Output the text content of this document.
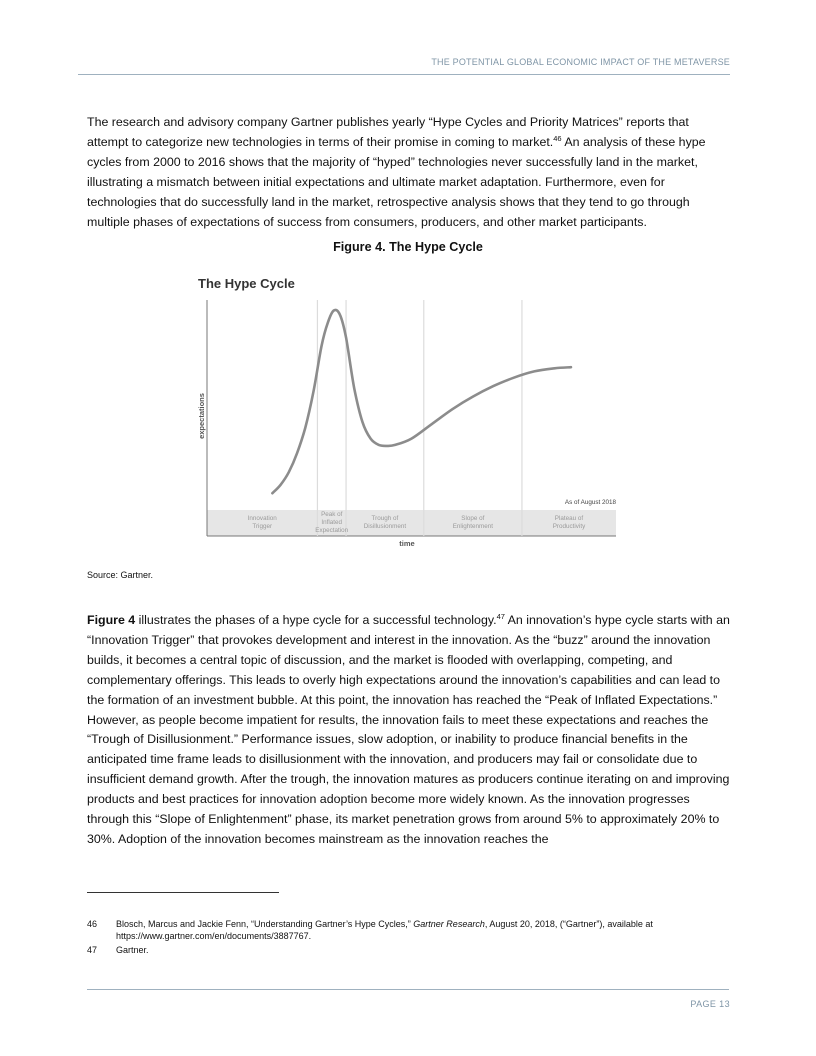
THE POTENTIAL GLOBAL ECONOMIC IMPACT OF THE METAVERSE

The research and advisory company Gartner publishes yearly “Hype Cycles and Priority Matrices” reports that attempt to categorize new technologies in terms of their promise in coming to market.$^{46}$ An analysis of these hype cycles from 2000 to 2016 shows that the majority of “hyped” technologies never successfully land in the market, illustrating a mismatch between initial expectations and ultimate market adaptation. Furthermore, even for technologies that do successfully land in the market, retrospective analysis shows that they tend to go through multiple phases of expectations of success from consumers, producers, and other market participants.

Figure 4. The Hype Cycle
The Hype Cycle
expectations
Innovation Trigger
Peak of Inflated Expectation
Trough of Disillusionment
Slope of Enlightenment
Plateau of Productivity
As of August 2018
time
Source: Gartner.

Figure 4 illustrates the phases of a hype cycle for a successful technology.$^{47}$ An innovation’s hype cycle starts with an “Innovation Trigger” that provokes development and interest in the innovation. As the “buzz” around the innovation builds, it becomes a central topic of discussion, and the market is flooded with overlapping, competing, and complementary offerings. This leads to overly high expectations around the innovation’s capabilities and can lead to the formation of an investment bubble. At this point, the innovation has reached the “Peak of Inflated Expectations.” However, as people become impatient for results, the innovation fails to meet these expectations and reaches the “Trough of Disillusionment.” Performance issues, slow adoption, or inability to produce financial benefits in the anticipated time frame leads to disillusionment with the innovation, and producers may fail or consolidate due to insufficient demand growth. After the trough, the innovation matures as producers continue iterating on and improving products and best practices for innovation adoption become more widely known. As the innovation progresses through this “Slope of Enlightenment” phase, its market penetration grows from around 5% to approximately 20% to 30%. Adoption of the innovation becomes mainstream as the innovation reaches the

46 Blosch, Marcus and Jackie Fenn, “Understanding Gartner’s Hype Cycles,” Gartner Research, August 20, 2018, (“Gartner”), available at https://www.gartner.com/en/documents/3887767.
47 Gartner.
PAGE 13
